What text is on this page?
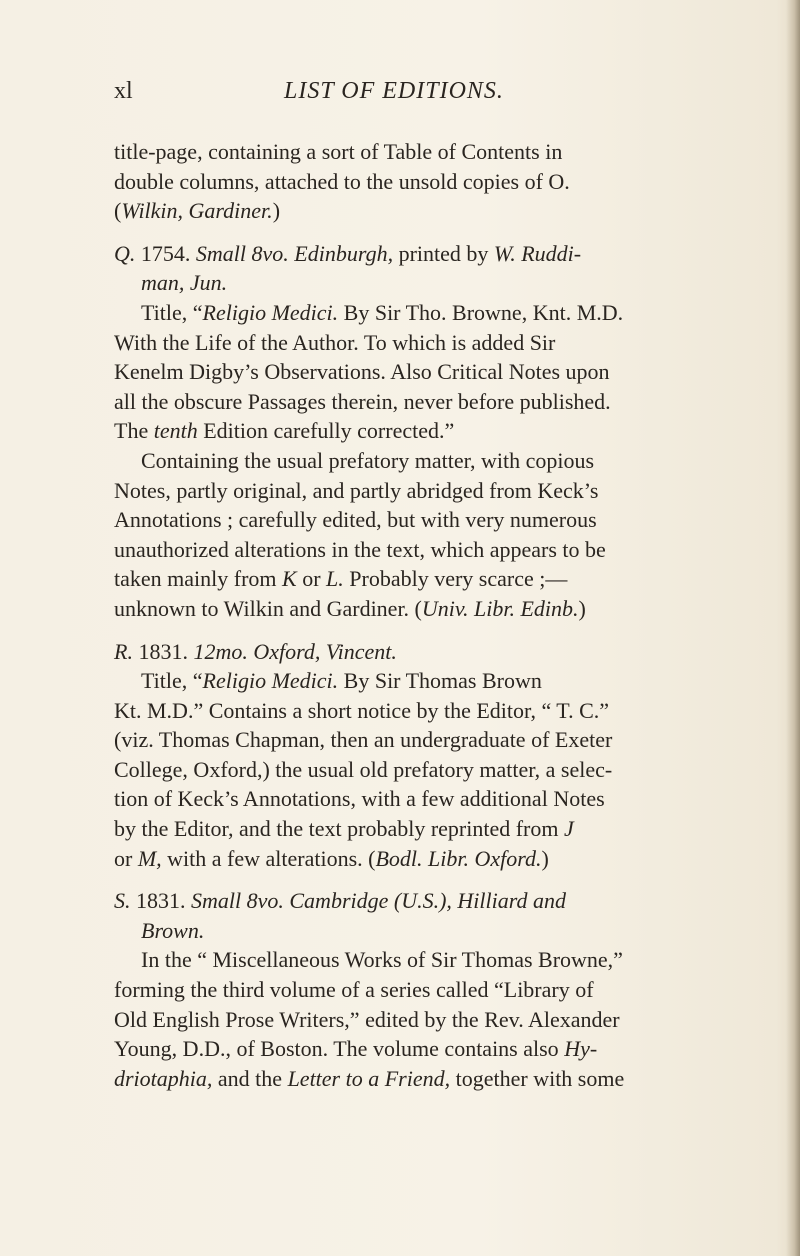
xl	LIST OF EDITIONS.
title-page, containing a sort of Table of Contents in
double columns, attached to the unsold copies of O.
(Wilkin, Gardiner.)
Q. 1754. Small 8vo. Edinburgh, printed by W. Ruddi-
man, Jun.
Title, “Religio Medici. By Sir Tho. Browne, Knt. M.D.
With the Life of the Author. To which is added Sir
Kenelm Digby’s Observations. Also Critical Notes upon
all the obscure Passages therein, never before published.
The tenth Edition carefully corrected.”
Containing the usual prefatory matter, with copious
Notes, partly original, and partly abridged from Keck’s
Annotations ; carefully edited, but with very numerous
unauthorized alterations in the text, which appears to be
taken mainly from K or L. Probably very scarce ;—
unknown to Wilkin and Gardiner. (Univ. Libr. Edinb.)
R. 1831. 12mo. Oxford, Vincent.
Title, “Religio Medici. By Sir Thomas Brown
Kt. M.D.” Contains a short notice by the Editor, “ T. C.”
(viz. Thomas Chapman, then an undergraduate of Exeter
College, Oxford,) the usual old prefatory matter, a selec-
tion of Keck’s Annotations, with a few additional Notes
by the Editor, and the text probably reprinted from J
or M, with a few alterations. (Bodl. Libr. Oxford.)
S. 1831. Small 8vo. Cambridge (U.S.), Hilliard and
Brown.
In the “ Miscellaneous Works of Sir Thomas Browne,”
forming the third volume of a series called “Library of
Old English Prose Writers,” edited by the Rev. Alexander
Young, D.D., of Boston. The volume contains also Hy-
driotaphia, and the Letter to a Friend, together with some
